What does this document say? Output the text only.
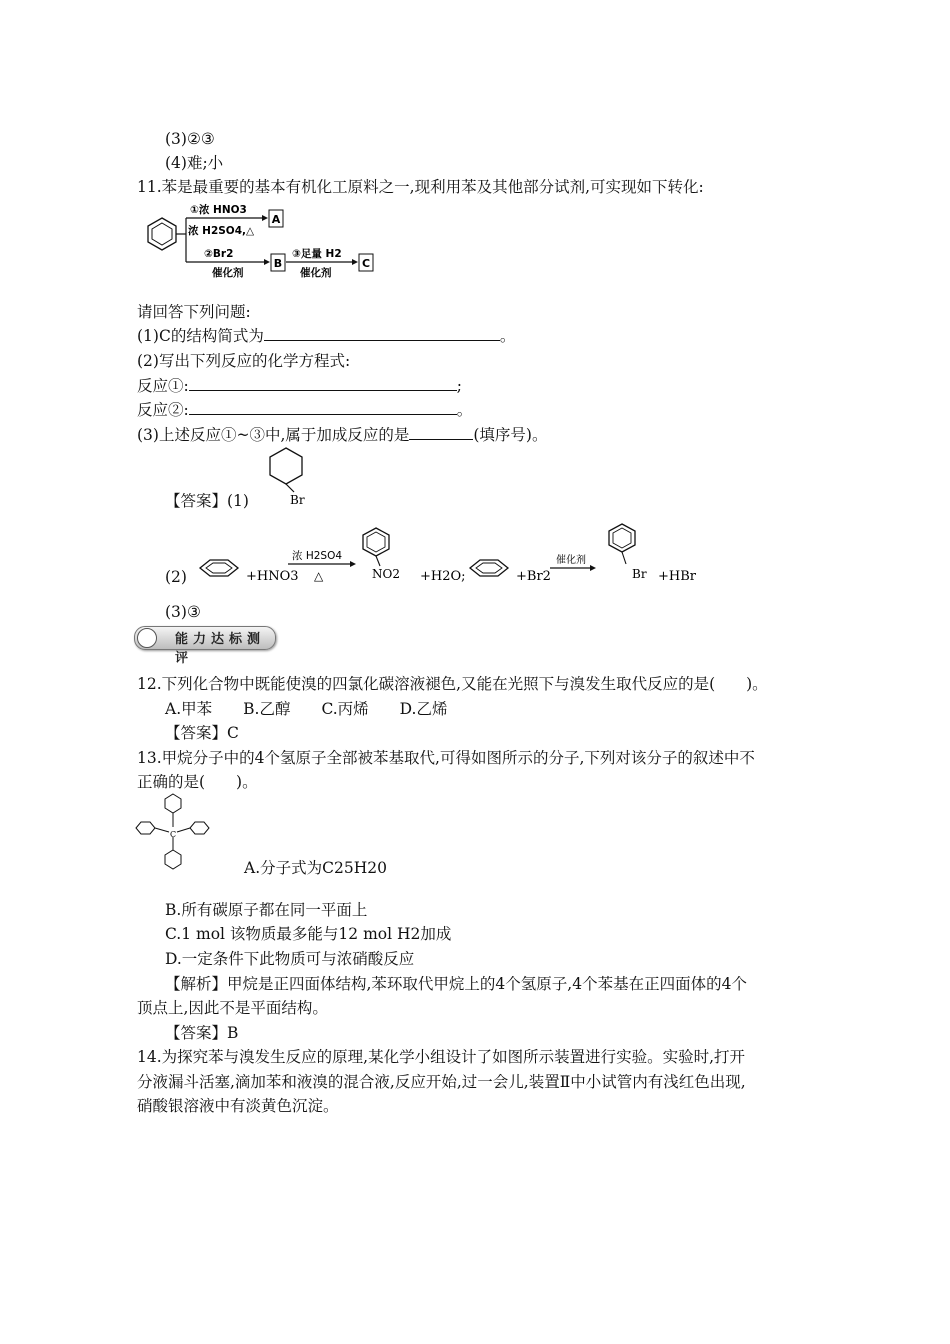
(3)②③
(4)难;小
11.苯是最重要的基本有机化工原料之一,现利用苯及其他部分试剂,可实现如下转化:
A
B	C
①浓 HNO3
浓 H2SO4,△
②Br2
催化剂
③足量 H2
催化剂
请回答下列问题:
(1)C的结构简式为	。
(2)写出下列反应的化学方程式:
反应①:	;
反应②:	。
(3)上述反应①~③中,属于加成反应的是	(填序号)。
Br
【答案】(1)
+HNO3
浓 H2SO4
△	NO2 +H2O;	+Br2
催化剂
Br +HBr
(2)
(3)③
能力达标测评
12.下列化合物中既能使溴的四氯化碳溶液褪色,又能在光照下与溴发生取代反应的是(　　)。
A.甲苯　　B.乙醇　　C.丙烯　　D.乙烯
【答案】C
13.甲烷分子中的4个氢原子全部被苯基取代,可得如图所示的分子,下列对该分子的叙述中不
正确的是(　　)。
C
A.分子式为C25H20
B.所有碳原子都在同一平面上
C.1 mol 该物质最多能与12 mol H2加成
D.一定条件下此物质可与浓硝酸反应
【解析】甲烷是正四面体结构,苯环取代甲烷上的4个氢原子,4个苯基在正四面体的4个
顶点上,因此不是平面结构。
【答案】B
14.为探究苯与溴发生反应的原理,某化学小组设计了如图所示装置进行实验。实验时,打开
分液漏斗活塞,滴加苯和液溴的混合液,反应开始,过一会儿,装置Ⅱ中小试管内有浅红色出现,
硝酸银溶液中有淡黄色沉淀。
